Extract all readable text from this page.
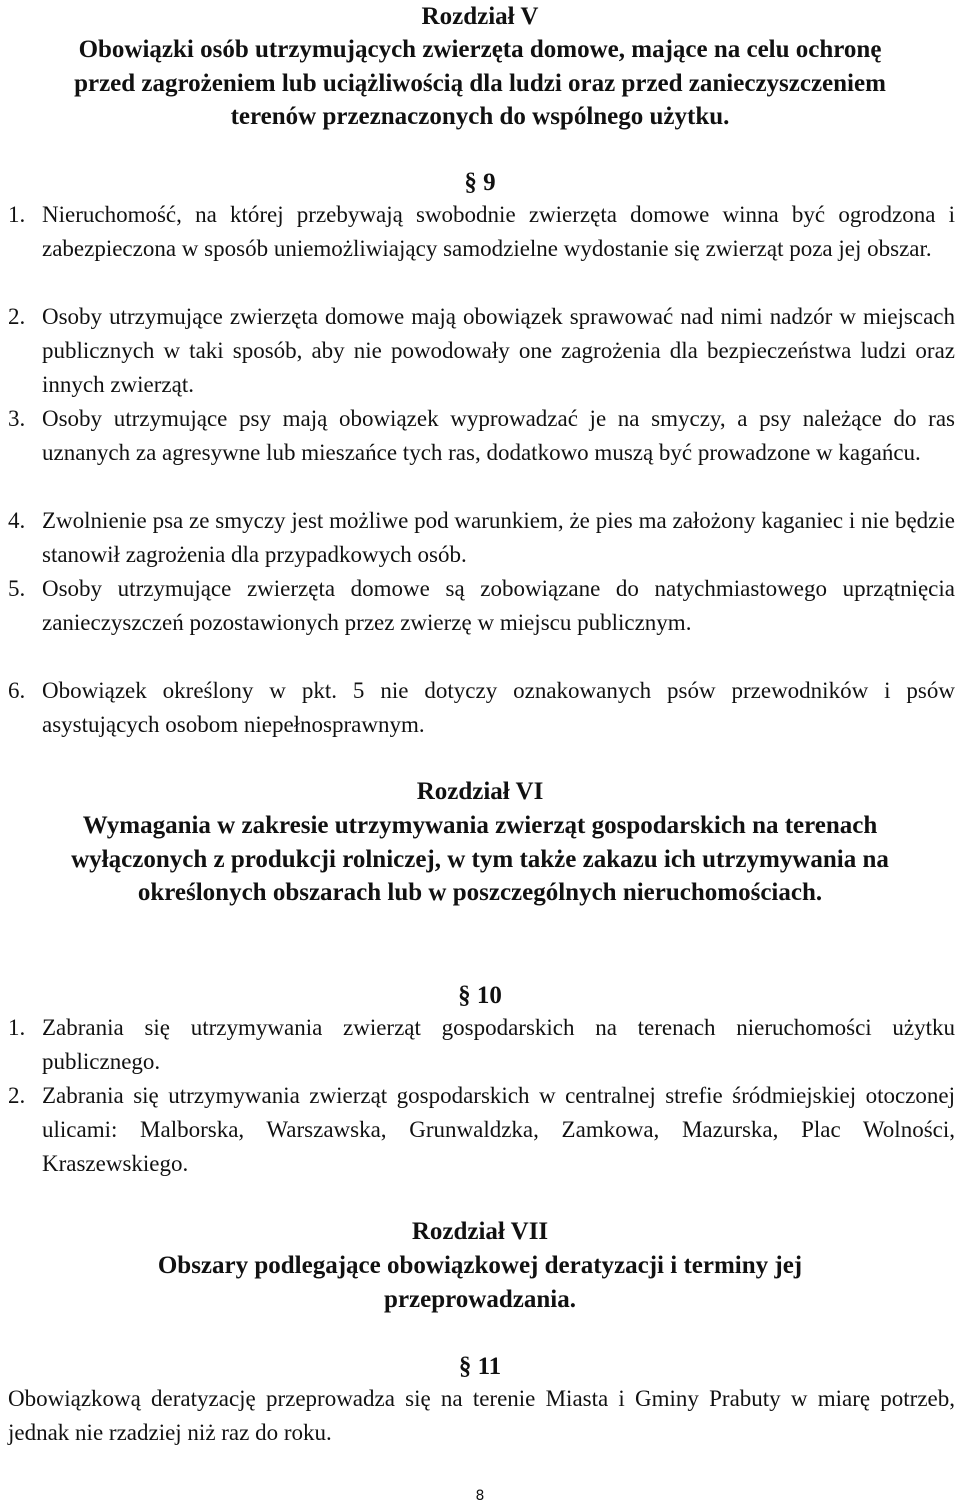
Rozdział V
Obowiązki osób utrzymujących zwierzęta domowe, mające na celu ochronę przed zagrożeniem lub uciążliwością dla ludzi oraz przed zanieczyszczeniem terenów przeznaczonych do wspólnego użytku.
§ 9
1. Nieruchomość, na której przebywają swobodnie zwierzęta domowe winna być ogrodzona i zabezpieczona w sposób uniemożliwiający samodzielne wydostanie się zwierząt poza jej obszar.
2. Osoby utrzymujące zwierzęta domowe mają obowiązek sprawować nad nimi nadzór w miejscach publicznych w taki sposób, aby nie powodowały one zagrożenia dla bezpieczeństwa ludzi oraz innych zwierząt.
3. Osoby utrzymujące psy mają obowiązek wyprowadzać je na smyczy, a psy należące do ras uznanych za agresywne lub mieszańce tych ras, dodatkowo muszą być prowadzone w kagańcu.
4. Zwolnienie psa ze smyczy jest możliwe pod warunkiem, że pies ma założony kaganiec i nie będzie stanowił zagrożenia dla przypadkowych osób.
5. Osoby utrzymujące zwierzęta domowe są zobowiązane do natychmiastowego uprzątnięcia zanieczyszczeń pozostawionych przez zwierzę w miejscu publicznym.
6. Obowiązek określony w pkt. 5 nie dotyczy oznakowanych psów przewodników i psów asystujących osobom niepełnosprawnym.
Rozdział VI
Wymagania w zakresie utrzymywania zwierząt gospodarskich na terenach wyłączonych z produkcji rolniczej, w tym także zakazu ich utrzymywania na określonych obszarach lub w poszczególnych nieruchomościach.
§ 10
1. Zabrania się utrzymywania zwierząt gospodarskich na terenach nieruchomości użytku publicznego.
2. Zabrania się utrzymywania zwierząt gospodarskich w centralnej strefie śródmiejskiej otoczonej ulicami: Malborska, Warszawska, Grunwaldzka, Zamkowa, Mazurska, Plac Wolności, Kraszewskiego.
Rozdział VII
Obszary podlegające obowiązkowej deratyzacji i terminy jej przeprowadzania.
§ 11
Obowiązkową deratyzację przeprowadza się na terenie Miasta i Gminy Prabuty w miarę potrzeb, jednak nie rzadziej niż raz do roku.
8
